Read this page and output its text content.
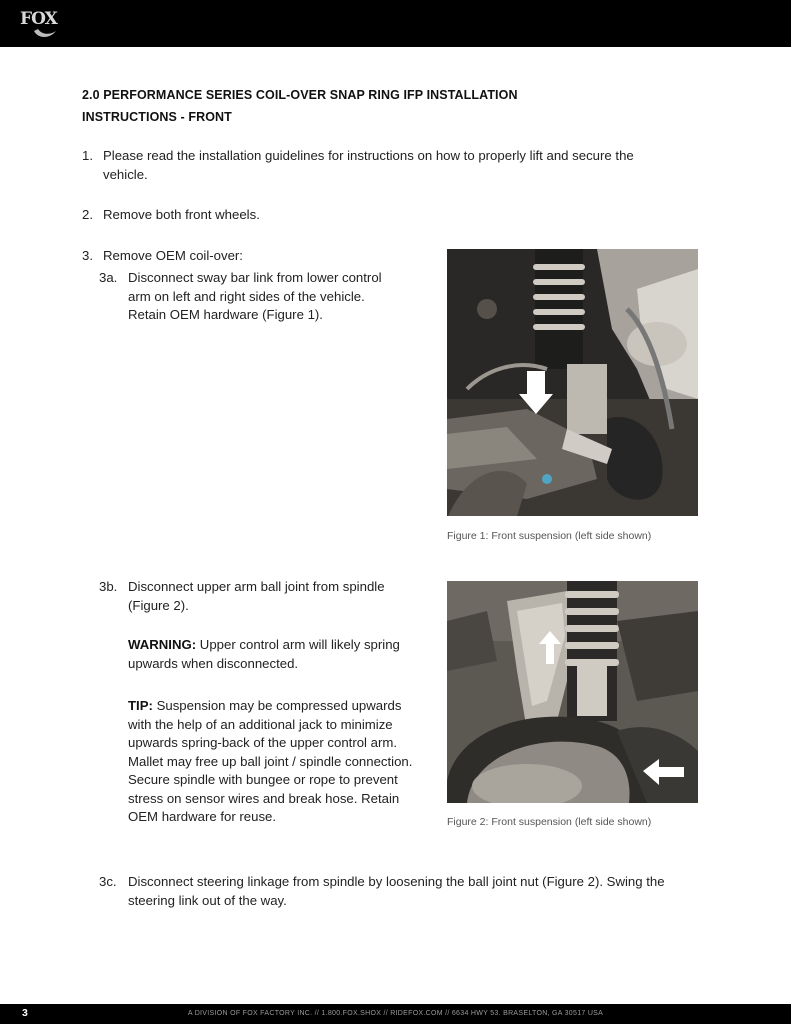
FOX
2.0 PERFORMANCE SERIES COIL-OVER SNAP RING IFP INSTALLATION
INSTRUCTIONS - FRONT
1. Please read the installation guidelines for instructions on how to properly lift and secure the vehicle.
2. Remove both front wheels.
3. Remove OEM coil-over:
3a. Disconnect sway bar link from lower control arm on left and right sides of the vehicle. Retain OEM hardware (Figure 1).
Figure 1: Front suspension (left side shown)
3b. Disconnect upper arm ball joint from spindle (Figure 2).
WARNING: Upper control arm will likely spring upwards when disconnected.
TIP: Suspension may be compressed upwards with the help of an additional jack to minimize upwards spring-back of the upper control arm. Mallet may free up ball joint / spindle connection. Secure spindle with bungee or rope to prevent stress on sensor wires and break hose. Retain OEM hardware for reuse.	Figure 2: Front suspension (left side shown)
3c. Disconnect steering linkage from spindle by loosening the ball joint nut (Figure 2). Swing the steering link out of the way.
3	A DIVISION OF FOX FACTORY INC. // 1.800.FOX.SHOX // RIDEFOX.COM // 6634 HWY 53. BRASELTON, GA 30517 USA
